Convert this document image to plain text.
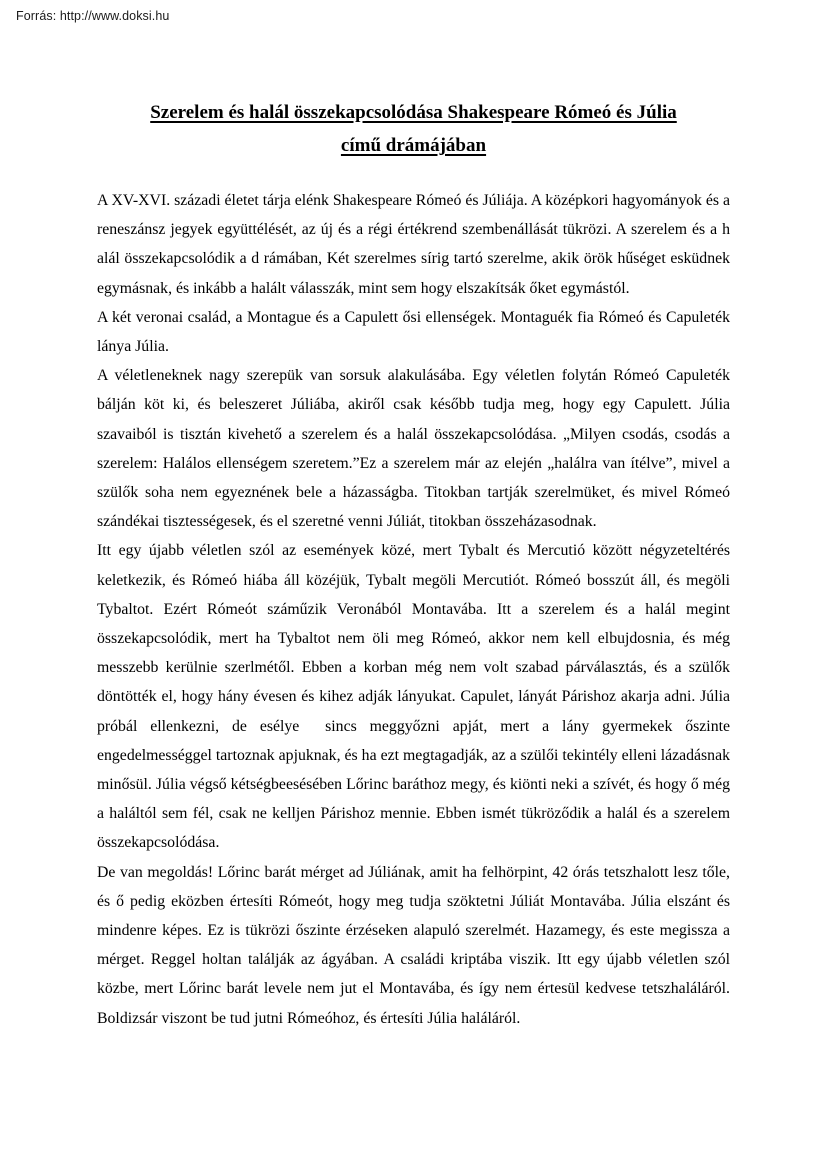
Forrás: http://www.doksi.hu
Szerelem és halál összekapcsolódása Shakespeare Rómeó és Júlia
című drámájában

A XV-XVI. századi életet tárja elénk Shakespeare Rómeó és Júliája. A középkori hagyományok és a reneszánsz jegyek együttélését, az új és a régi értékrend szembenállását tükrözi. A szerelem és a h alál összekapcsolódik a d rámában, Két szerelmes sírig tartó szerelme, akik örök hűséget esküdnek egymásnak, és inkább a halált válasszák, mint sem hogy elszakítsák őket egymástól.

A két veronai család, a Montague és a Capulett ősi ellenségek. Montaguék fia Rómeó és Capuleték lánya Júlia.

A véletleneknek nagy szerepük van sorsuk alakulásába. Egy véletlen folytán Rómeó Capuleték bálján köt ki, és beleszeret Júliába, akiről csak később tudja meg, hogy egy Capulett. Júlia szavaiból is tisztán kivehető a szerelem és a halál összekapcsolódása. „Milyen csodás, csodás a szerelem: Halálos ellenségem szeretem.”Ez a szerelem már az elején „halálra van ítélve”, mivel a szülők soha nem egyeznének bele a házasságba. Titokban tartják szerelmüket, és mivel Rómeó szándékai tisztességesek, és el szeretné venni Júliát, titokban összeházasodnak.

Itt egy újabb véletlen szól az események közé, mert Tybalt és Mercutió között négyzeteltérés keletkezik, és Rómeó hiába áll közéjük, Tybalt megöli Mercutiót. Rómeó bosszút áll, és megöli Tybaltot. Ezért Rómeót száműzik Veronából Montavába. Itt a szerelem és a halál megint összekapcsolódik, mert ha Tybaltot nem öli meg Rómeó, akkor nem kell elbujdosnia, és még messzebb kerülnie szerlmétől. Ebben a korban még nem volt szabad párválasztás, és a szülők döntötték el, hogy hány évesen és kihez adják lányukat. Capulet, lányát Párishoz akarja adni. Júlia próbál ellenkezni, de esélye  sincs meggyőzni apját, mert a lány gyermekek őszinte engedelmességgel tartoznak apjuknak, és ha ezt megtagadják, az a szülői tekintély elleni lázadásnak minősül. Júlia végső kétségbeesésében Lőrinc baráthoz megy, és kiönti neki a szívét, és hogy ő még a haláltól sem fél, csak ne kelljen Párishoz mennie. Ebben ismét tükröződik a halál és a szerelem összekapcsolódása.

De van megoldás! Lőrinc barát mérget ad Júliának, amit ha felhörpint, 42 órás tetszhalott lesz tőle, és ő pedig eközben értesíti Rómeót, hogy meg tudja szöktetni Júliát Montavába. Júlia elszánt és mindenre képes. Ez is tükrözi őszinte érzéseken alapuló szerelmét. Hazamegy, és este megissza a mérget. Reggel holtan találják az ágyában. A családi kriptába viszik. Itt egy újabb véletlen szól közbe, mert Lőrinc barát levele nem jut el Montavába, és így nem értesül kedvese tetszhaláláról. Boldizsár viszont be tud jutni Rómeóhoz, és értesíti Júlia haláláról.
